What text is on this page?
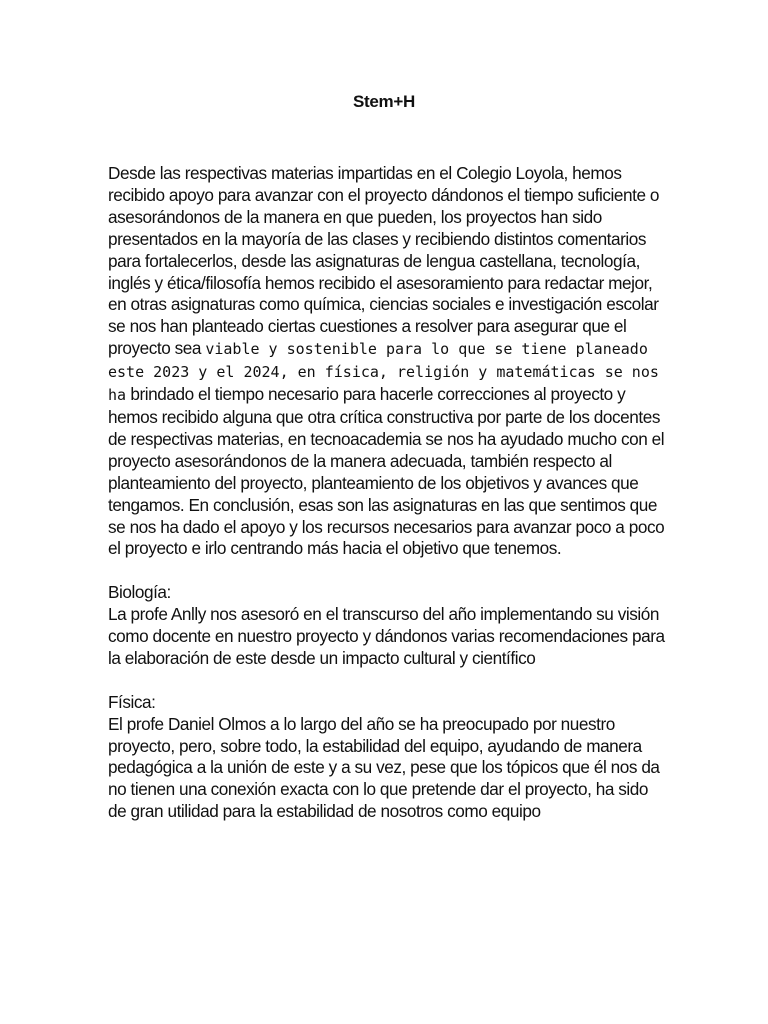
Stem+H

Desde las respectivas materias impartidas en el Colegio Loyola, hemos recibido apoyo para avanzar con el proyecto dándonos el tiempo suficiente o asesorándonos de la manera en que pueden, los proyectos han sido presentados en la mayoría de las clases y recibiendo distintos comentarios para fortalecerlos, desde las asignaturas de lengua castellana, tecnología, inglés y ética/filosofía hemos recibido el asesoramiento para redactar mejor, en otras asignaturas como química, ciencias sociales e investigación escolar se nos han planteado ciertas cuestiones a resolver para asegurar que el proyecto sea viable y sostenible para lo que se tiene planeado este 2023 y el 2024, en física, religión y matemáticas se nos ha brindado el tiempo necesario para hacerle correcciones al proyecto y hemos recibido alguna que otra crítica constructiva por parte de los docentes de respectivas materias, en tecnoacademia se nos ha ayudado mucho con el proyecto asesorándonos de la manera adecuada, también respecto al planteamiento del proyecto, planteamiento de los objetivos y avances que tengamos. En conclusión, esas son las asignaturas en las que sentimos que se nos ha dado el apoyo y los recursos necesarios para avanzar poco a poco el proyecto e irlo centrando más hacia el objetivo que tenemos.

Biología:

La profe Anlly nos asesoró en el transcurso del año implementando su visión como docente en nuestro proyecto y dándonos varias recomendaciones para la elaboración de este desde un impacto cultural y científico

Física:

El profe Daniel Olmos a lo largo del año se ha preocupado por nuestro proyecto, pero, sobre todo, la estabilidad del equipo, ayudando de manera pedagógica a la unión de este y a su vez, pese que los tópicos que él nos da no tienen una conexión exacta con lo que pretende dar el proyecto, ha sido de gran utilidad para la estabilidad de nosotros como equipo
